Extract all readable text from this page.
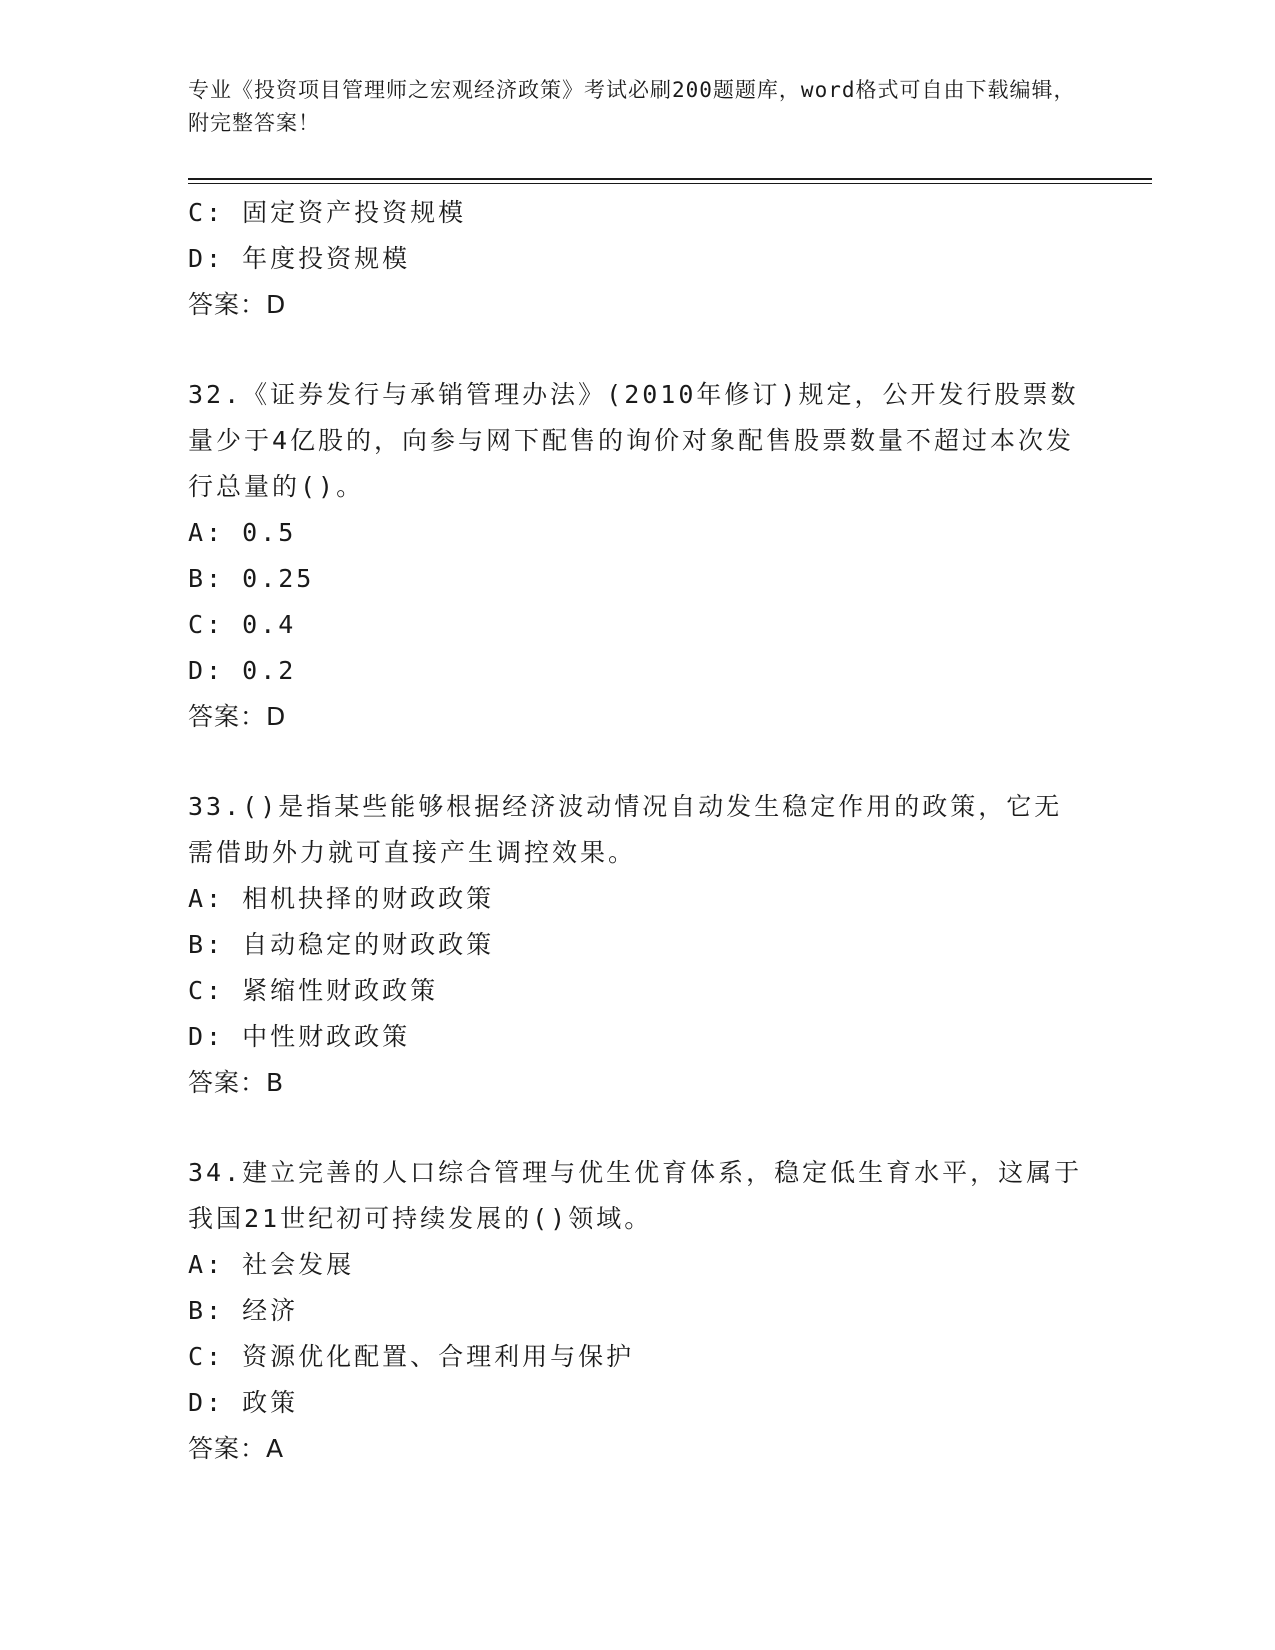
专业《投资项目管理师之宏观经济政策》考试必刷200题题库，word格式可自由下载编辑，附完整答案！
C: 固定资产投资规模
D: 年度投资规模
答案：D
32.《证券发行与承销管理办法》(2010年修订)规定，公开发行股票数量少于4亿股的，向参与网下配售的询价对象配售股票数量不超过本次发行总量的()。
A: 0.5
B: 0.25
C: 0.4
D: 0.2
答案：D
33.()是指某些能够根据经济波动情况自动发生稳定作用的政策，它无需借助外力就可直接产生调控效果。
A: 相机抉择的财政政策
B: 自动稳定的财政政策
C: 紧缩性财政政策
D: 中性财政政策
答案：B
34.建立完善的人口综合管理与优生优育体系，稳定低生育水平，这属于我国21世纪初可持续发展的()领域。
A: 社会发展
B: 经济
C: 资源优化配置、合理利用与保护
D: 政策
答案：A
